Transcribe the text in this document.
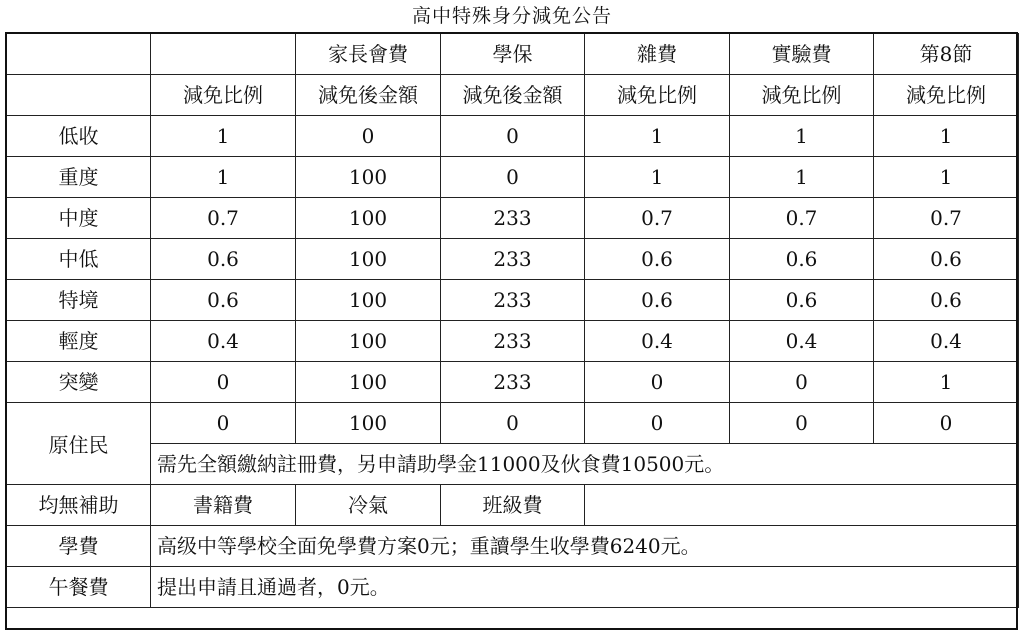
高中特殊身分減免公告
		家長會費	學保	雜費	實驗費	第8節
	減免比例	減免後金額	減免後金額	減免比例	減免比例	減免比例
低收	1	0	0	1	1	1
重度	1	100	0	1	1	1
中度	0.7	100	233	0.7	0.7	0.7
中低	0.6	100	233	0.6	0.6	0.6
特境	0.6	100	233	0.6	0.6	0.6
輕度	0.4	100	233	0.4	0.4	0.4
突變	0	100	233	0	0	1
原住民	0	100	0	0	0	0
	需先全額繳納註冊費，另申請助學金11000及伙食費10500元。					
均無補助	書籍費	冷氣	班級費			
學費	高级中等學校全面免學費方案0元；重讀學生收學費6240元。					
午餐費	提出申請且通過者，0元。					
